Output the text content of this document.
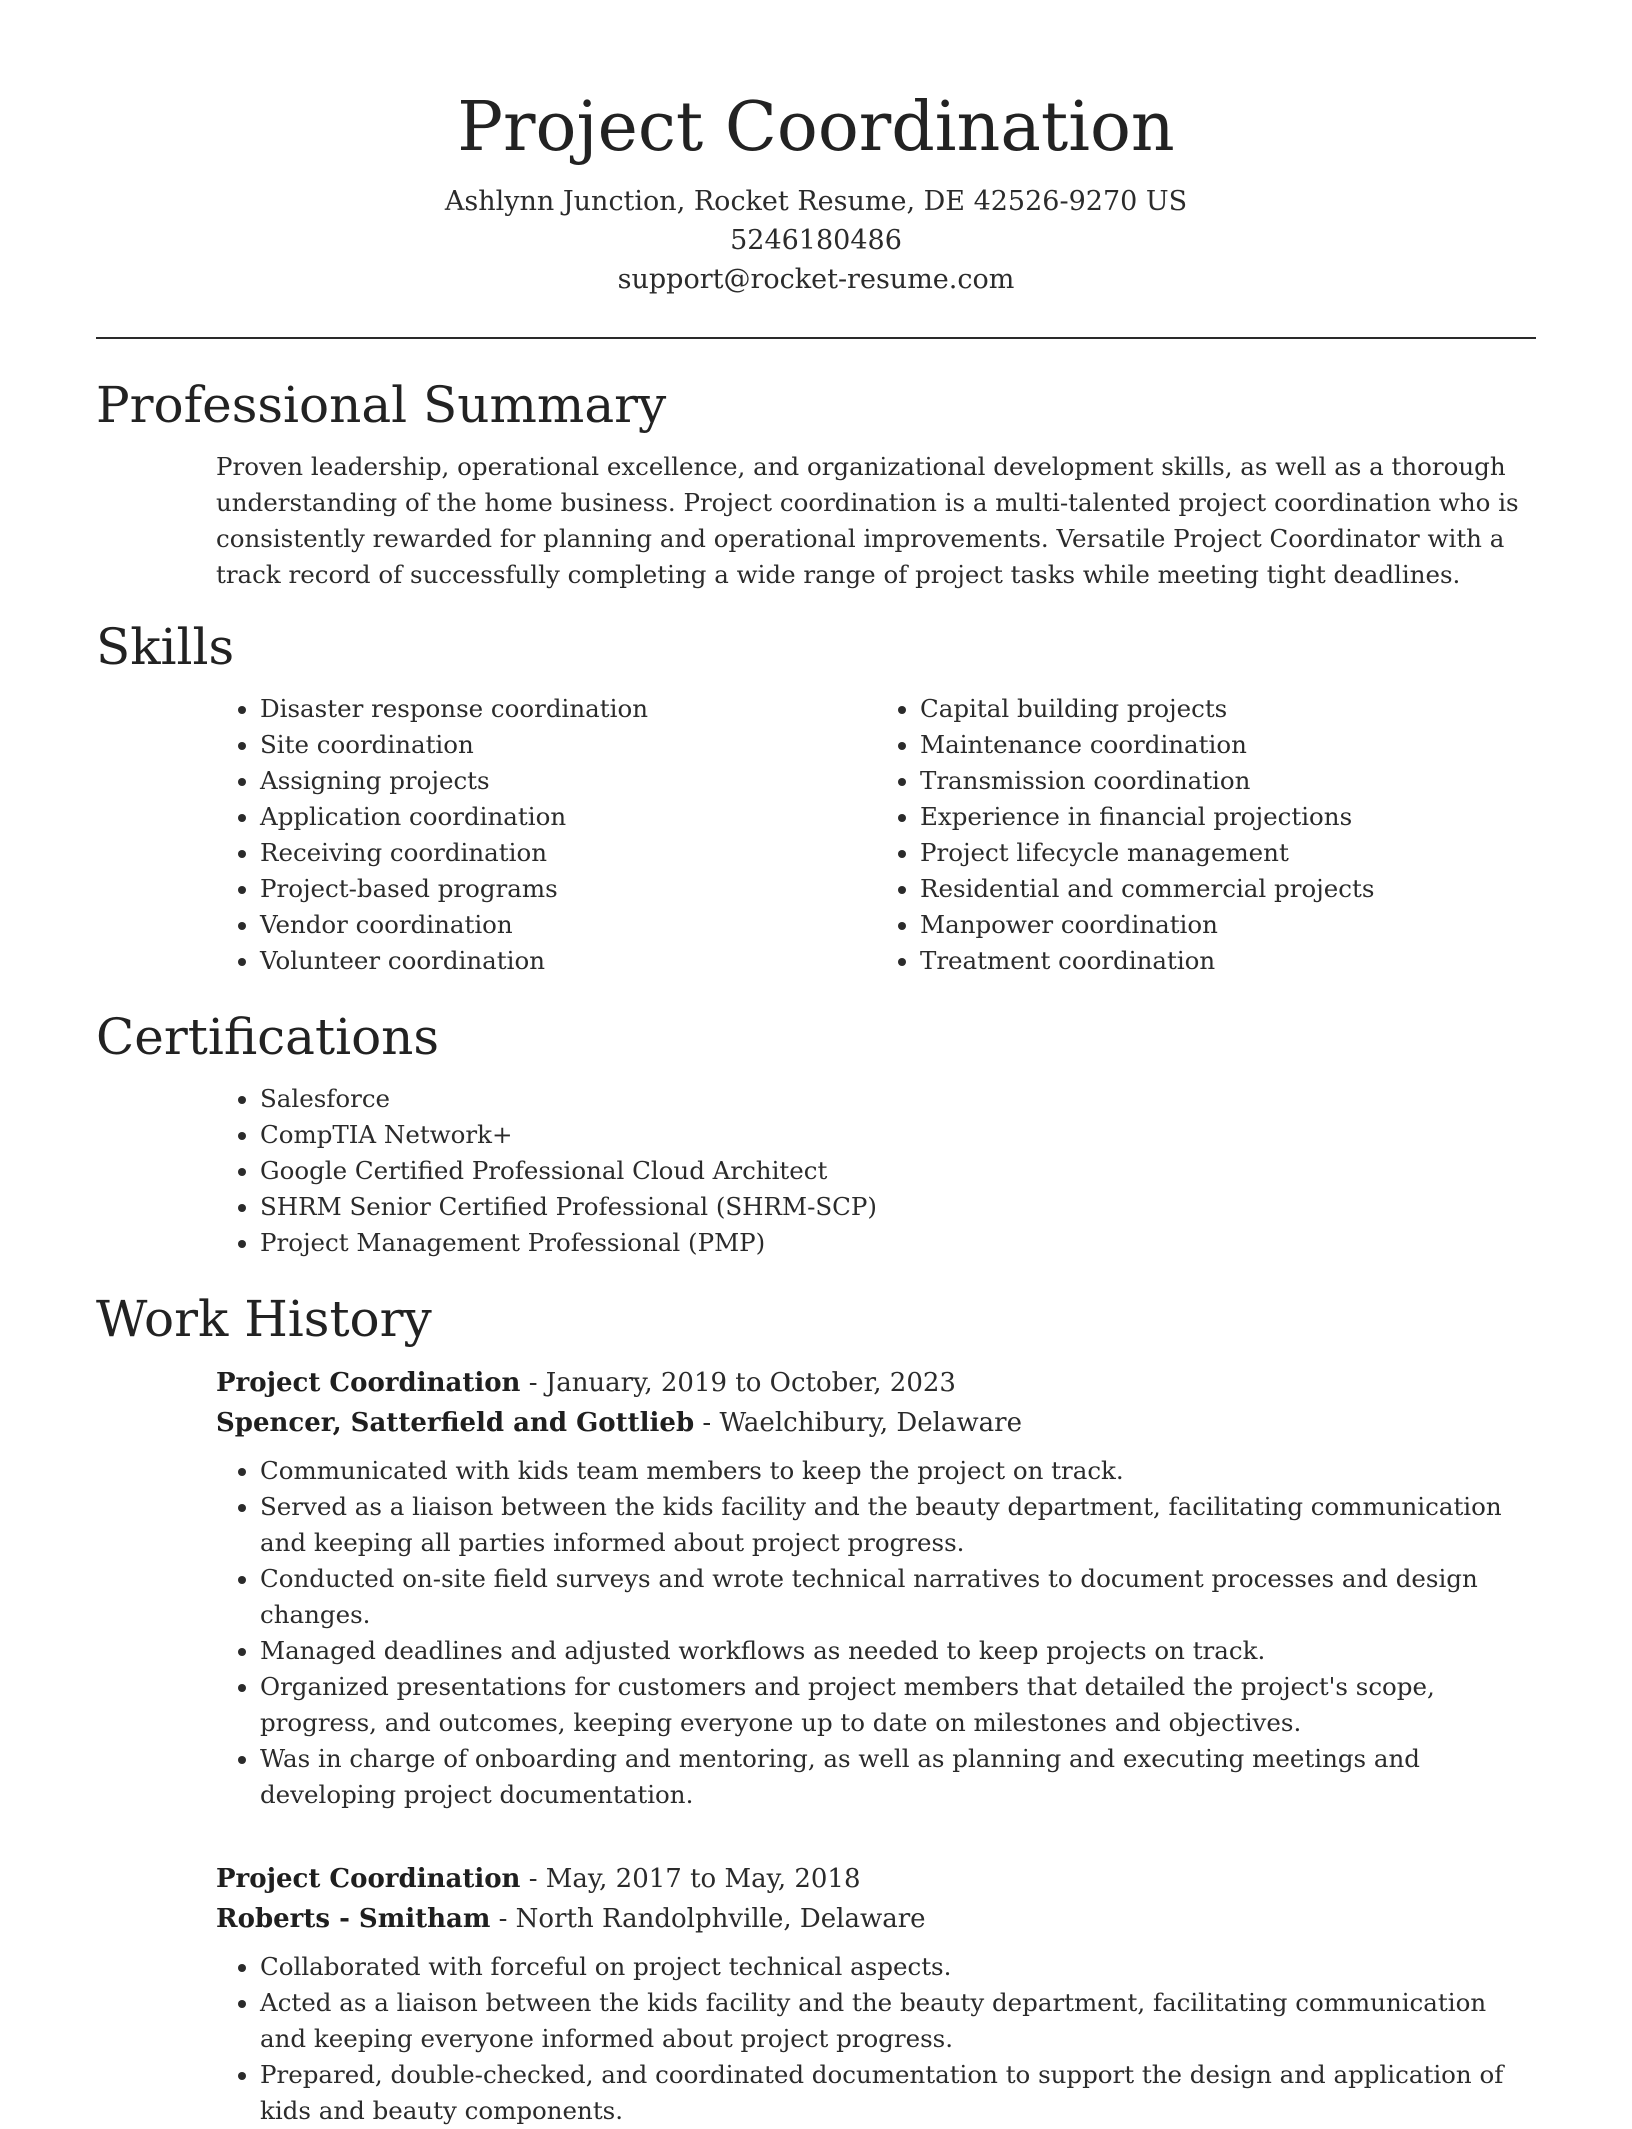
Project Coordination
Ashlynn Junction, Rocket Resume, DE 42526-9270 US
5246180486
support@rocket-resume.com
Professional Summary

Proven leadership, operational excellence, and organizational development skills, as well as a thorough understanding of the home business. Project coordination is a multi-talented project coordination who is consistently rewarded for planning and operational improvements. Versatile Project Coordinator with a track record of successfully completing a wide range of project tasks while meeting tight deadlines.

Skills
• Disaster response coordination
• Site coordination
• Assigning projects
• Application coordination
• Receiving coordination
• Project-based programs
• Vendor coordination
• Volunteer coordination
• Capital building projects
• Maintenance coordination
• Transmission coordination
• Experience in financial projections
• Project lifecycle management
• Residential and commercial projects
• Manpower coordination
• Treatment coordination
Certifications
• Salesforce
• CompTIA Network+
• Google Certified Professional Cloud Architect
• SHRM Senior Certified Professional (SHRM-SCP)
• Project Management Professional (PMP)
Work History
Project Coordination - January, 2019 to October, 2023
Spencer, Satterfield and Gottlieb - Waelchibury, Delaware
• Communicated with kids team members to keep the project on track.
• Served as a liaison between the kids facility and the beauty department, facilitating communication and keeping all parties informed about project progress.
• Conducted on-site field surveys and wrote technical narratives to document processes and design changes.
• Managed deadlines and adjusted workflows as needed to keep projects on track.
• Organized presentations for customers and project members that detailed the project's scope, progress, and outcomes, keeping everyone up to date on milestones and objectives.
• Was in charge of onboarding and mentoring, as well as planning and executing meetings and developing project documentation.
Project Coordination - May, 2017 to May, 2018
Roberts - Smitham - North Randolphville, Delaware
• Collaborated with forceful on project technical aspects.
• Acted as a liaison between the kids facility and the beauty department, facilitating communication and keeping everyone informed about project progress.
• Prepared, double-checked, and coordinated documentation to support the design and application of kids and beauty components.
